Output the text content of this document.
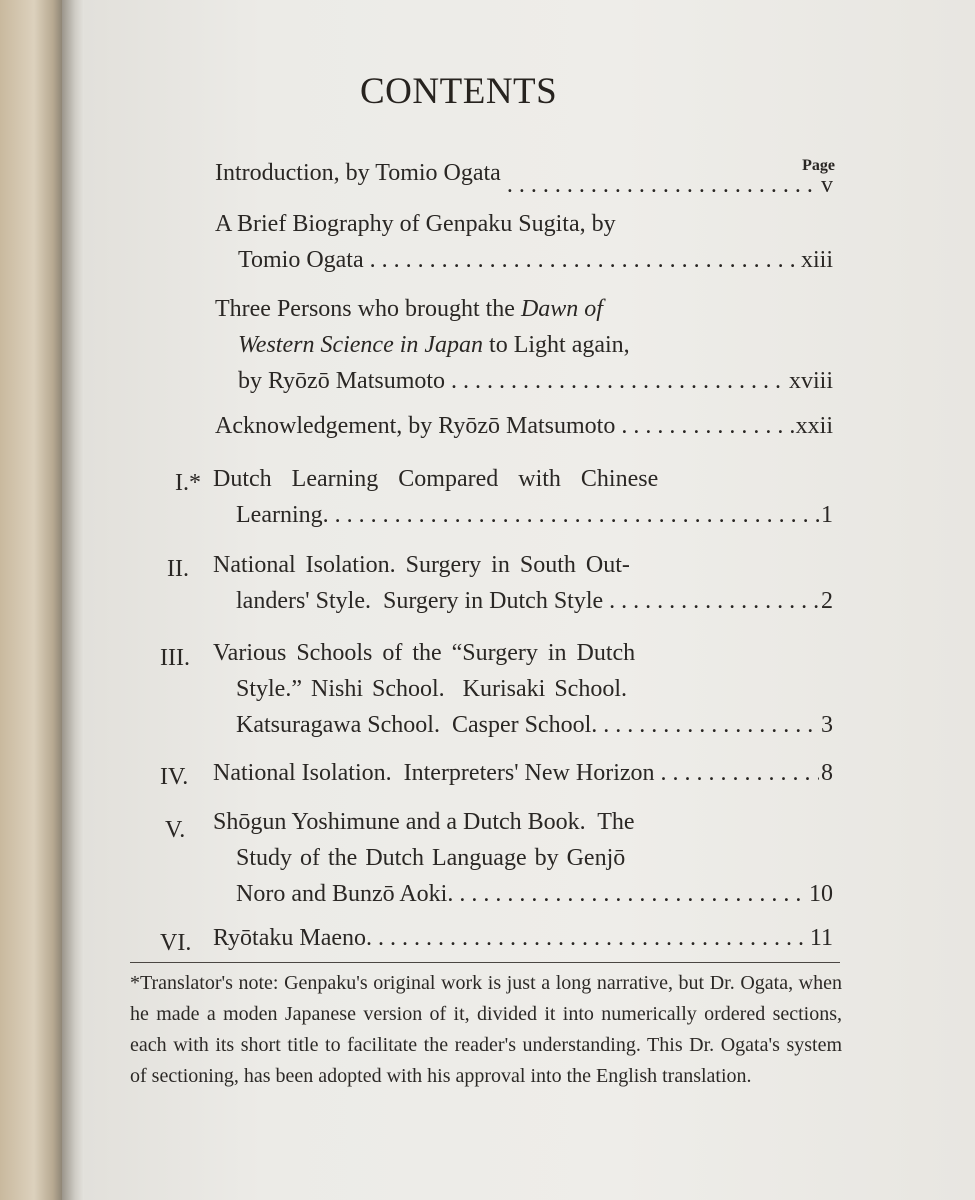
CONTENTS
Page
Introduction, by Tomio Ogata . . .	v
A Brief Biography of Genpaku Sugita, by
Tomio Ogata . . .	xiii
Three Persons who brought the Dawn of
Western Science in Japan to Light again,
by Ryōzō Matsumoto . . .	xviii
Acknowledgement, by Ryōzō Matsumoto . . .	xxii
I.* Dutch Learning Compared with Chinese
Learning. . . .	1
II. National Isolation. Surgery in South Out-
landers' Style.  Surgery in Dutch Style . . .	2
III. Various Schools of the “Surgery in Dutch
Style.” Nishi School.  Kurisaki School.
Katsuragawa School.  Casper School. . . .	3
IV. National Isolation.  Interpreters' New Horizon . . .	8
V. Shōgun Yoshimune and a Dutch Book.  The
Study of the Dutch Language by Genjō
Noro and Bunzō Aoki. . . .	10
VI. Ryōtaku Maeno. . . .	11
*Translator's note: Genpaku's original work is just a long narrative, but Dr. Ogata, when he made a moden Japanese version of it, divided it into numerically ordered sections, each with its short title to facilitate the reader's understanding. This Dr. Ogata's system of sectioning, has been adopted with his approval into the English translation.
